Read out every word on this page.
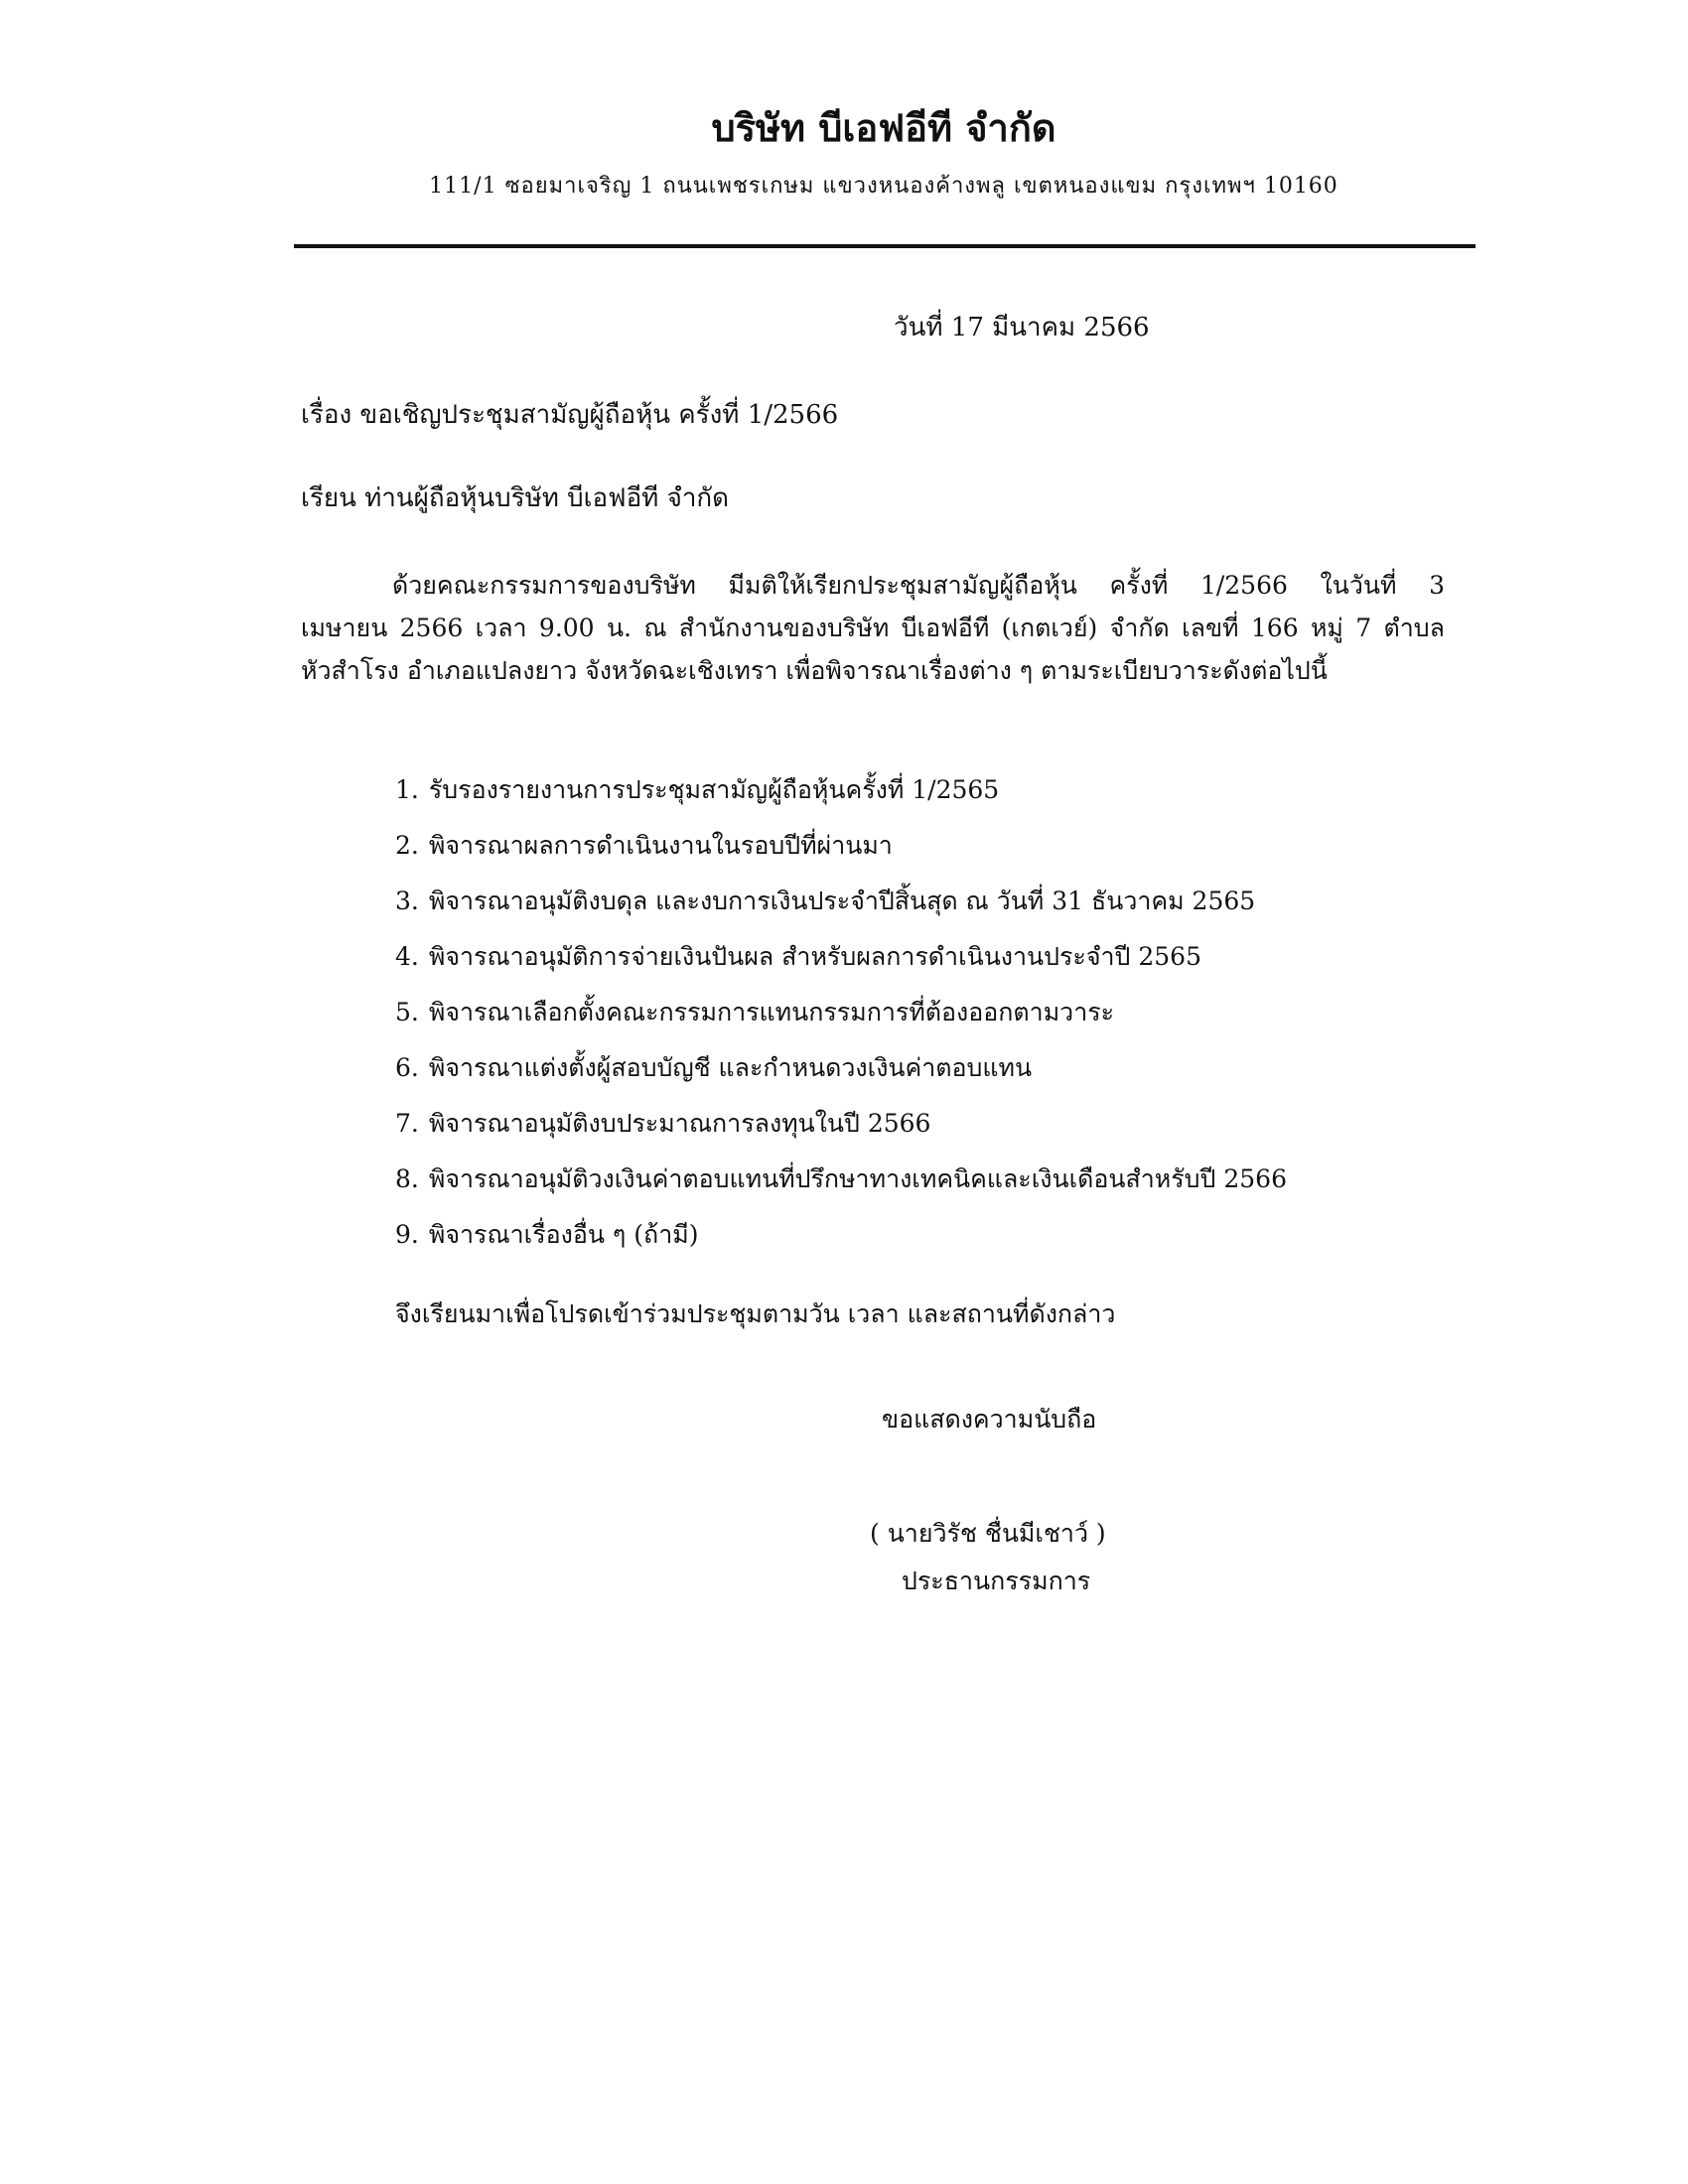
บริษัท บีเอฟอีที จำกัด
111/1 ซอยมาเจริญ 1 ถนนเพชรเกษม แขวงหนองค้างพลู เขตหนองแขม กรุงเทพฯ 10160
วันที่ 17 มีนาคม 2566
เรื่อง ขอเชิญประชุมสามัญผู้ถือหุ้น ครั้งที่ 1/2566
เรียน ท่านผู้ถือหุ้นบริษัท บีเอฟอีที จำกัด
ด้วยคณะกรรมการของบริษัท มีมติให้เรียกประชุมสามัญผู้ถือหุ้น ครั้งที่ 1/2566 ในวันที่ 3
เมษายน 2566 เวลา 9.00 น. ณ สำนักงานของบริษัท บีเอฟอีที (เกตเวย์) จำกัด เลขที่ 166 หมู่ 7 ตำบล
หัวสำโรง อำเภอแปลงยาว จังหวัดฉะเชิงเทรา เพื่อพิจารณาเรื่องต่าง ๆ ตามระเบียบวาระดังต่อไปนี้
1. รับรองรายงานการประชุมสามัญผู้ถือหุ้นครั้งที่ 1/2565
2. พิจารณาผลการดำเนินงานในรอบปีที่ผ่านมา
3. พิจารณาอนุมัติงบดุล และงบการเงินประจำปีสิ้นสุด ณ วันที่ 31 ธันวาคม 2565
4. พิจารณาอนุมัติการจ่ายเงินปันผล สำหรับผลการดำเนินงานประจำปี 2565
5. พิจารณาเลือกตั้งคณะกรรมการแทนกรรมการที่ต้องออกตามวาระ
6. พิจารณาแต่งตั้งผู้สอบบัญชี และกำหนดวงเงินค่าตอบแทน
7. พิจารณาอนุมัติงบประมาณการลงทุนในปี 2566
8. พิจารณาอนุมัติวงเงินค่าตอบแทนที่ปรึกษาทางเทคนิคและเงินเดือนสำหรับปี 2566
9. พิจารณาเรื่องอื่น ๆ (ถ้ามี)
จึงเรียนมาเพื่อโปรดเข้าร่วมประชุมตามวัน เวลา และสถานที่ดังกล่าว
ขอแสดงความนับถือ
( นายวิรัช ชื่นมีเชาว์ )
ประธานกรรมการ
